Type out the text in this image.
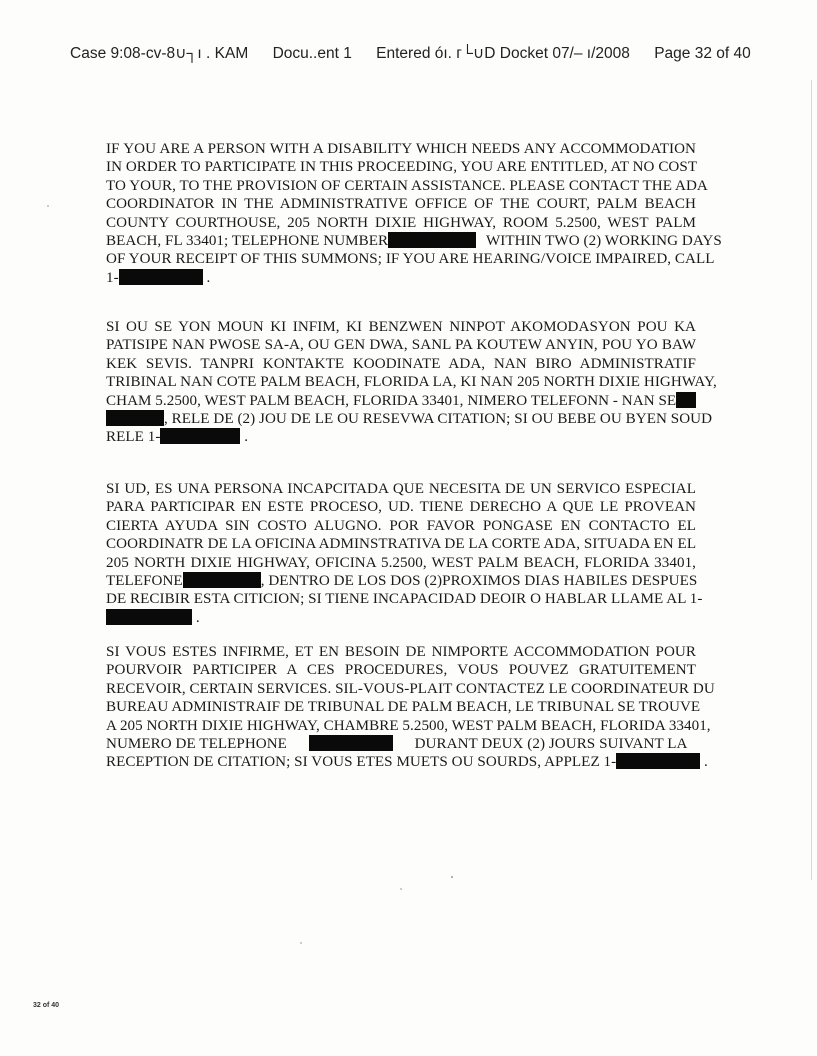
Case 9:08-cv-8∪┐ı . ΚAM Docu..ent 1 Entered óı. г└∪D Docket 07/– ı/2008 Page 32 of 40
IF YOU ARE A PERSON WITH A DISABILITY WHICH NEEDS ANY ACCOMMODATION
IN ORDER TO PARTICIPATE IN THIS PROCEEDING, YOU ARE ENTITLED, AT NO COST
TO YOUR, TO THE PROVISION OF CERTAIN ASSISTANCE. PLEASE CONTACT THE ADA
COORDINATOR IN THE ADMINISTRATIVE OFFICE OF THE COURT, PALM BEACH
COUNTY COURTHOUSE, 205 NORTH DIXIE HIGHWAY, ROOM 5.2500, WEST PALM
BEACH, FL 33401; TELEPHONE NUMBER	WITHIN TWO (2) WORKING DAYS
OF YOUR RECEIPT OF THIS SUMMONS; IF YOU ARE HEARING/VOICE IMPAIRED, CALL
1-	.
SI OU SE YON MOUN KI INFIM, KI BENZWEN NINPOT AKOMODASYON POU KA
PATISIPE NAN PWOSE SA-A, OU GEN DWA, SANL PA KOUTEW ANYIN, POU YO BAW
KEK SEVIS. TANPRI KONTAKTE KOODINATE ADA, NAN BIRO ADMINISTRATIF
TRIBINAL NAN COTE PALM BEACH, FLORIDA LA, KI NAN 205 NORTH DIXIE HIGHWAY,
CHAM 5.2500, WEST PALM BEACH, FLORIDA 33401, NIMERO TELEFONN - NAN SE
, RELE DE (2) JOU DE LE OU RESEVWA CITATION; SI OU BEBE OU BYEN SOUD
RELE 1-	.
SI UD, ES UNA PERSONA INCAPCITADA QUE NECESITA DE UN SERVICO ESPECIAL
PARA PARTICIPAR EN ESTE PROCESO, UD. TIENE DERECHO A QUE LE PROVEAN
CIERTA AYUDA SIN COSTO ALUGNO. POR FAVOR PONGASE EN CONTACTO EL
COORDINATR DE LA OFICINA ADMINSTRATIVA DE LA CORTE ADA, SITUADA EN EL
205 NORTH DIXIE HIGHWAY, OFICINA 5.2500, WEST PALM BEACH, FLORIDA 33401,
TELEFONE	, DENTRO DE LOS DOS (2)PROXIMOS DIAS HABILES DESPUES
DE RECIBIR ESTA CITICION; SI TIENE INCAPACIDAD DEOIR O HABLAR LLAME AL 1-
.
SI VOUS ESTES INFIRME, ET EN BESOIN DE NIMPORTE ACCOMMODATION POUR
POURVOIR PARTICIPER A CES PROCEDURES, VOUS POUVEZ GRATUITEMENT
RECEVOIR, CERTAIN SERVICES. SIL-VOUS-PLAIT CONTACTEZ LE COORDINATEUR DU
BUREAU ADMINISTRAIF DE TRIBUNAL DE PALM BEACH, LE TRIBUNAL SE TROUVE
A 205 NORTH DIXIE HIGHWAY, CHAMBRE 5.2500, WEST PALM BEACH, FLORIDA 33401,
NUMERO DE TELEPHONE	DURANT DEUX (2) JOURS SUIVANT LA
RECEPTION DE CITATION; SI VOUS ETES MUETS OU SOURDS, APPLEZ 1-	.
32 of 40
